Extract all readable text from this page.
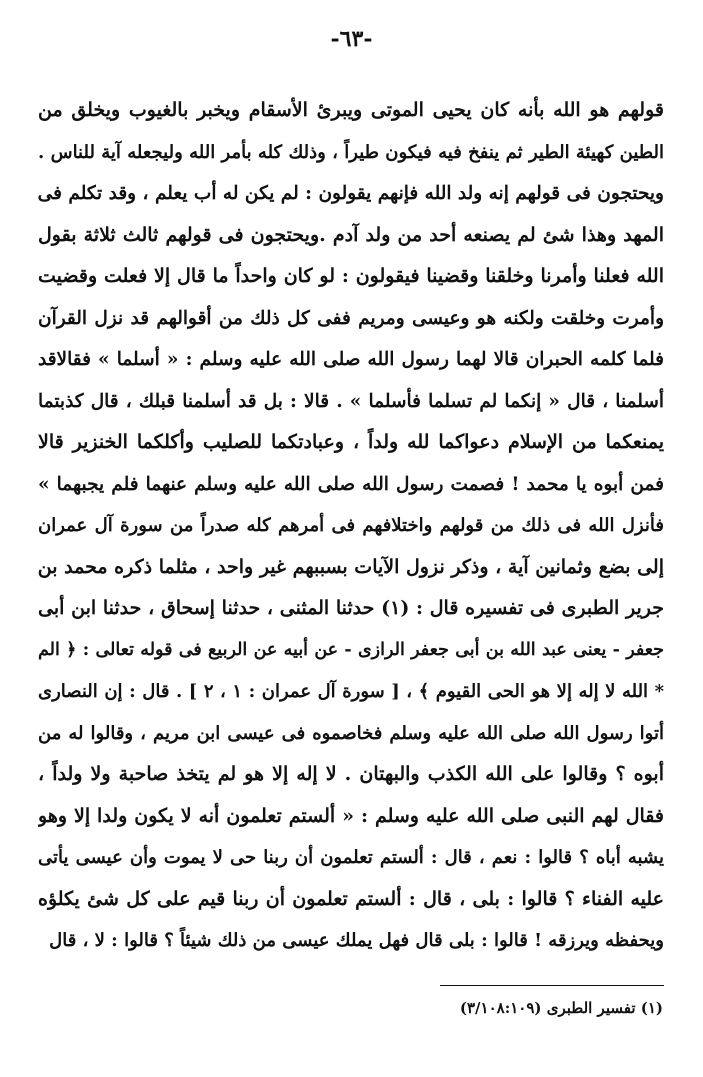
-٦٣-
قولهم هو الله بأنه كان يحيى الموتى ويبرئ الأسقام ويخبر بالغيوب ويخلق من
الطين كهيئة الطير ثم ينفخ فيه فيكون طيراً ، وذلك كله بأمر الله وليجعله آية للناس .
ويحتجون فى قولهم إنه ولد الله فإنهم يقولون : لم يكن له أب يعلم ، وقد تكلم فى
المهد وهذا شئ لم يصنعه أحد من ولد آدم .ويحتجون فى قولهم ثالث ثلاثة بقول
الله فعلنا وأمرنا وخلقنا وقضينا فيقولون : لو كان واحداً ما قال إلا فعلت وقضيت
وأمرت وخلقت ولكنه هو وعيسى ومريم ففى كل ذلك من أقوالهم قد نزل القرآن
فلما كلمه الحبران قالا لهما رسول الله صلى الله عليه وسلم : « أسلما » فقالاقد
أسلمنا ، قال « إنكما لم تسلما فأسلما » . قالا : بل قد أسلمنا قبلك ، قال كذبتما
يمنعكما من الإسلام دعواكما لله ولداً ، وعبادتكما للصليب وأكلكما الخنزير قالا
فمن أبوه يا محمد ! فصمت رسول الله صلى الله عليه وسلم عنهما فلم يجبهما »
فأنزل الله فى ذلك من قولهم واختلافهم فى أمرهم كله صدراً من سورة آل عمران
إلى بضع وثمانين آية ، وذكر نزول الآيات بسببهم غير واحد ، مثلما ذكره محمد بن
جرير الطبرى فى تفسيره قال : (١) حدثنا المثنى ، حدثنا إسحاق ، حدثنا ابن أبى
جعفر - يعنى عبد الله بن أبى جعفر الرازى - عن أبيه عن الربيع فى قوله تعالى : ﴿ الم
* الله لا إله إلا هو الحى القيوم ﴾ ، [ سورة آل عمران : ١ ، ٢ ] . قال : إن النصارى
أتوا رسول الله صلى الله عليه وسلم فخاصموه فى عيسى ابن مريم ، وقالوا له من
أبوه ؟ وقالوا على الله الكذب والبهتان . لا إله إلا هو لم يتخذ صاحبة ولا ولداً ،
فقال لهم النبى صلى الله عليه وسلم : « ألستم تعلمون أنه لا يكون ولدا إلا وهو
يشبه أباه ؟ قالوا : نعم ، قال : ألستم تعلمون أن ربنا حى لا يموت وأن عيسى يأتى
عليه الفناء ؟ قالوا : بلى ، قال : ألستم تعلمون أن ربنا قيم على كل شئ يكلؤه
ويحفظه ويرزقه ! قالوا : بلى قال فهل يملك عيسى من ذلك شيئاً ؟ قالوا : لا ، قال
(١) تفسير الطبرى (٣/١٠٨:١٠٩)
